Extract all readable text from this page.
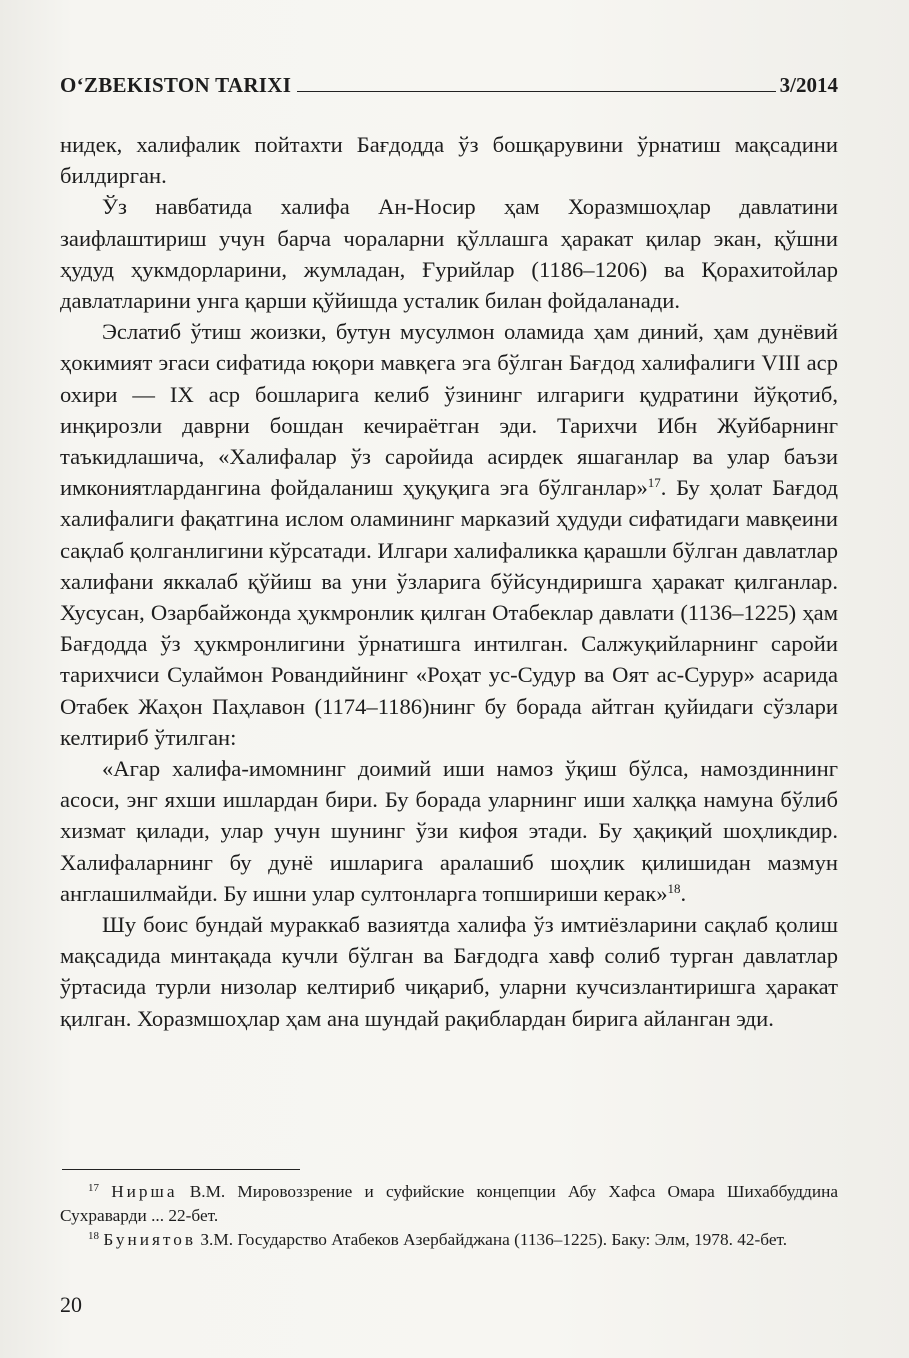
O‘ZBEKISTON TARIXI	3/2014

нидек, халифалик пойтахти Бағдодда ўз бошқарувини ўрнатиш мақсадини билдирган.

Ўз навбатида халифа Ан-Носир ҳам Хоразмшоҳлар давлатини заифлаштириш учун барча чораларни қўллашга ҳаракат қилар экан, қўшни ҳудуд ҳукмдорларини, жумладан, Ғурийлар (1186–1206) ва Қорахитойлар давлатларини унга қарши қўйишда усталик билан фойдаланади.

Эслатиб ўтиш жоизки, бутун мусулмон оламида ҳам диний, ҳам дунёвий ҳокимият эгаси сифатида юқори мавқега эга бўлган Бағдод халифалиги VIII аср охири — IX аср бошларига келиб ўзининг илгариги қудратини йўқотиб, инқирозли даврни бошдан кечираётган эди. Тарихчи Ибн Жуйбарнинг таъкидлашича, «Халифалар ўз саройида асирдек яшаганлар ва улар баъзи имкониятлардангина фойдаланиш ҳуқуқига эга бўлганлар»$^{17}$. Бу ҳолат Бағдод халифалиги фақатгина ислом оламининг марказий ҳудуди сифатидаги мавқеини сақлаб қолганлигини кўрсатади. Илгари халифаликка қарашли бўлган давлатлар халифани яккалаб қўйиш ва уни ўзларига бўйсундиришга ҳаракат қилганлар. Хусусан, Озарбайжонда ҳукмронлик қилган Отабеклар давлати (1136–1225) ҳам Бағдодда ўз ҳукмронлигини ўрнатишга интилган. Салжуқийларнинг саройи тарихчиси Сулаймон Ровандийнинг «Роҳат ус-Судур ва Оят ас-Сурур» асарида Отабек Жаҳон Паҳлавон (1174–1186)нинг бу борада айтган қуйидаги сўзлари келтириб ўтилган:

«Агар халифа-имомнинг доимий иши намоз ўқиш бўлса, намоздиннинг асоси, энг яхши ишлардан бири. Бу борада уларнинг иши халққа намуна бўлиб хизмат қилади, улар учун шунинг ўзи кифоя этади. Бу ҳақиқий шоҳликдир. Халифаларнинг бу дунё ишларига аралашиб шоҳлик қилишидан мазмун англашилмайди. Бу ишни улар султонларга топшириши керак»$^{18}$.

Шу боис бундай мураккаб вазиятда халифа ўз имтиёзларини сақлаб қолиш мақсадида минтақада кучли бўлган ва Бағдодга хавф солиб турган давлатлар ўртасида турли низолар келтириб чиқариб, уларни кучсизлантиришга ҳаракат қилган. Хоразмшоҳлар ҳам ана шундай рақиблардан бирига айланган эди.

$^{17}$ Нирша В.М. Мировоззрение и суфийские концепции Абу Хафса Омара Шихаббуддина Сухраварди ... 22-бет.

$^{18}$ Буниятов З.М. Государство Атабеков Азербайджана (1136–1225). Баку: Элм, 1978. 42-бет.

20
